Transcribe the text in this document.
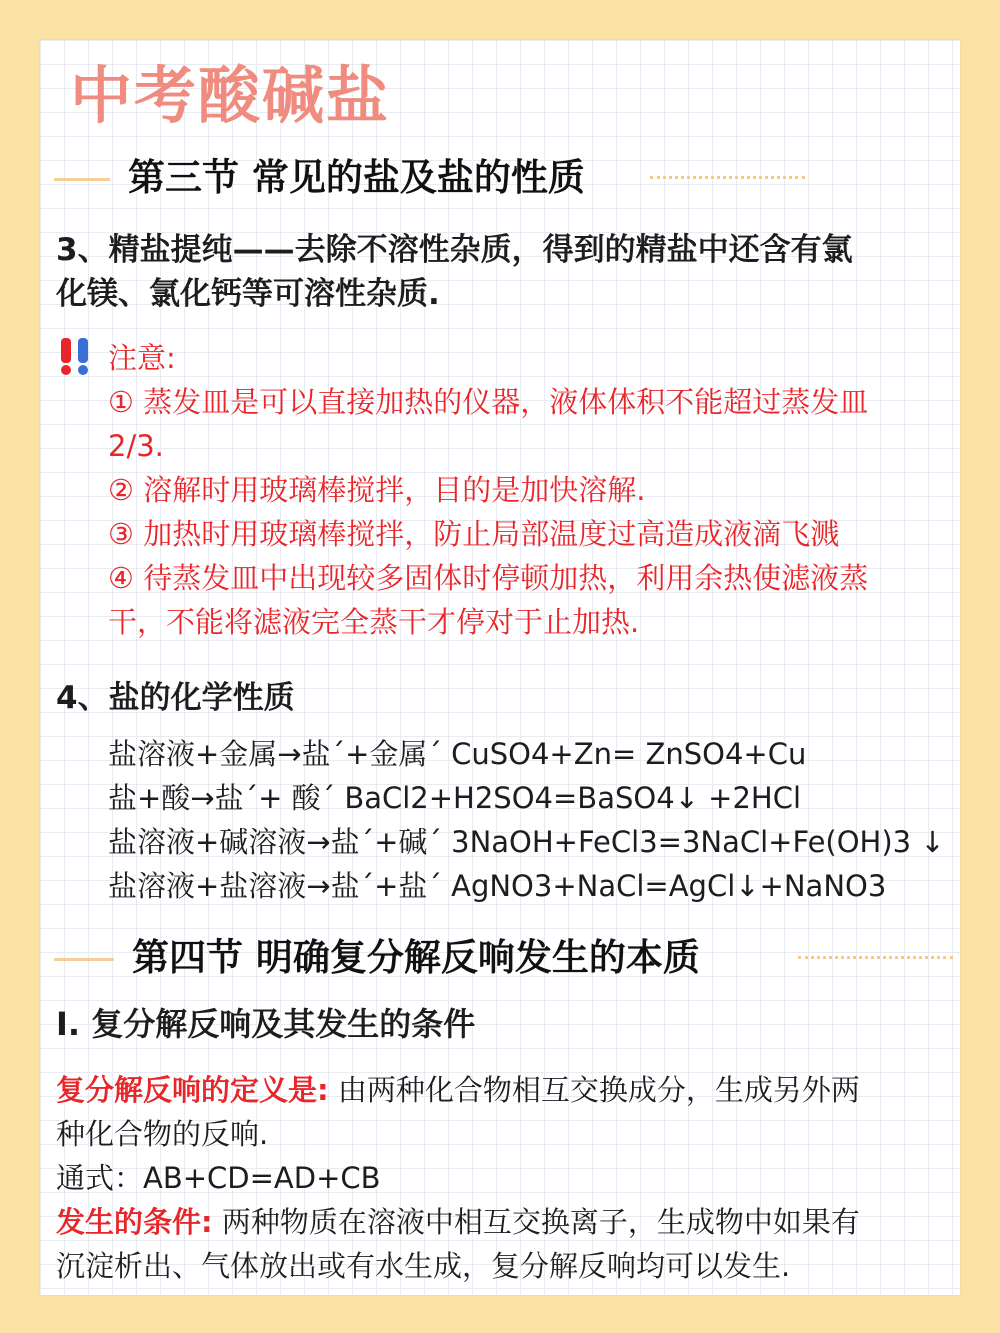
中考酸碱盐
第三节 常见的盐及盐的性质
3、精盐提纯——去除不溶性杂质，得到的精盐中还含有氯
化镁、氯化钙等可溶性杂质.
注意:
① 蒸发皿是可以直接加热的仪器，液体体积不能超过蒸发皿
2/3.
② 溶解时用玻璃棒搅拌，目的是加快溶解.
③ 加热时用玻璃棒搅拌，防止局部温度过高造成液滴飞溅
④ 待蒸发皿中出现较多固体时停顿加热，利用余热使滤液蒸
干，不能将滤液完全蒸干才停对于止加热.
4、盐的化学性质
盐溶液+金属→盐´+金属´ CuSO4+Zn= ZnSO4+Cu
盐+酸→盐´+ 酸´ BaCl2+H2SO4=BaSO4↓ +2HCl
盐溶液+碱溶液→盐´+碱´ 3NaOH+FeCl3=3NaCl+Fe(OH)3 ↓
盐溶液+盐溶液→盐´+盐´ AgNO3+NaCl=AgCl↓+NaNO3
第四节 明确复分解反响发生的本质
I. 复分解反响及其发生的条件
复分解反响的定义是: 由两种化合物相互交换成分，生成另外两
种化合物的反响.
通式：AB+CD=AD+CB
发生的条件: 两种物质在溶液中相互交换离子，生成物中如果有
沉淀析出、气体放出或有水生成，复分解反响均可以发生.
